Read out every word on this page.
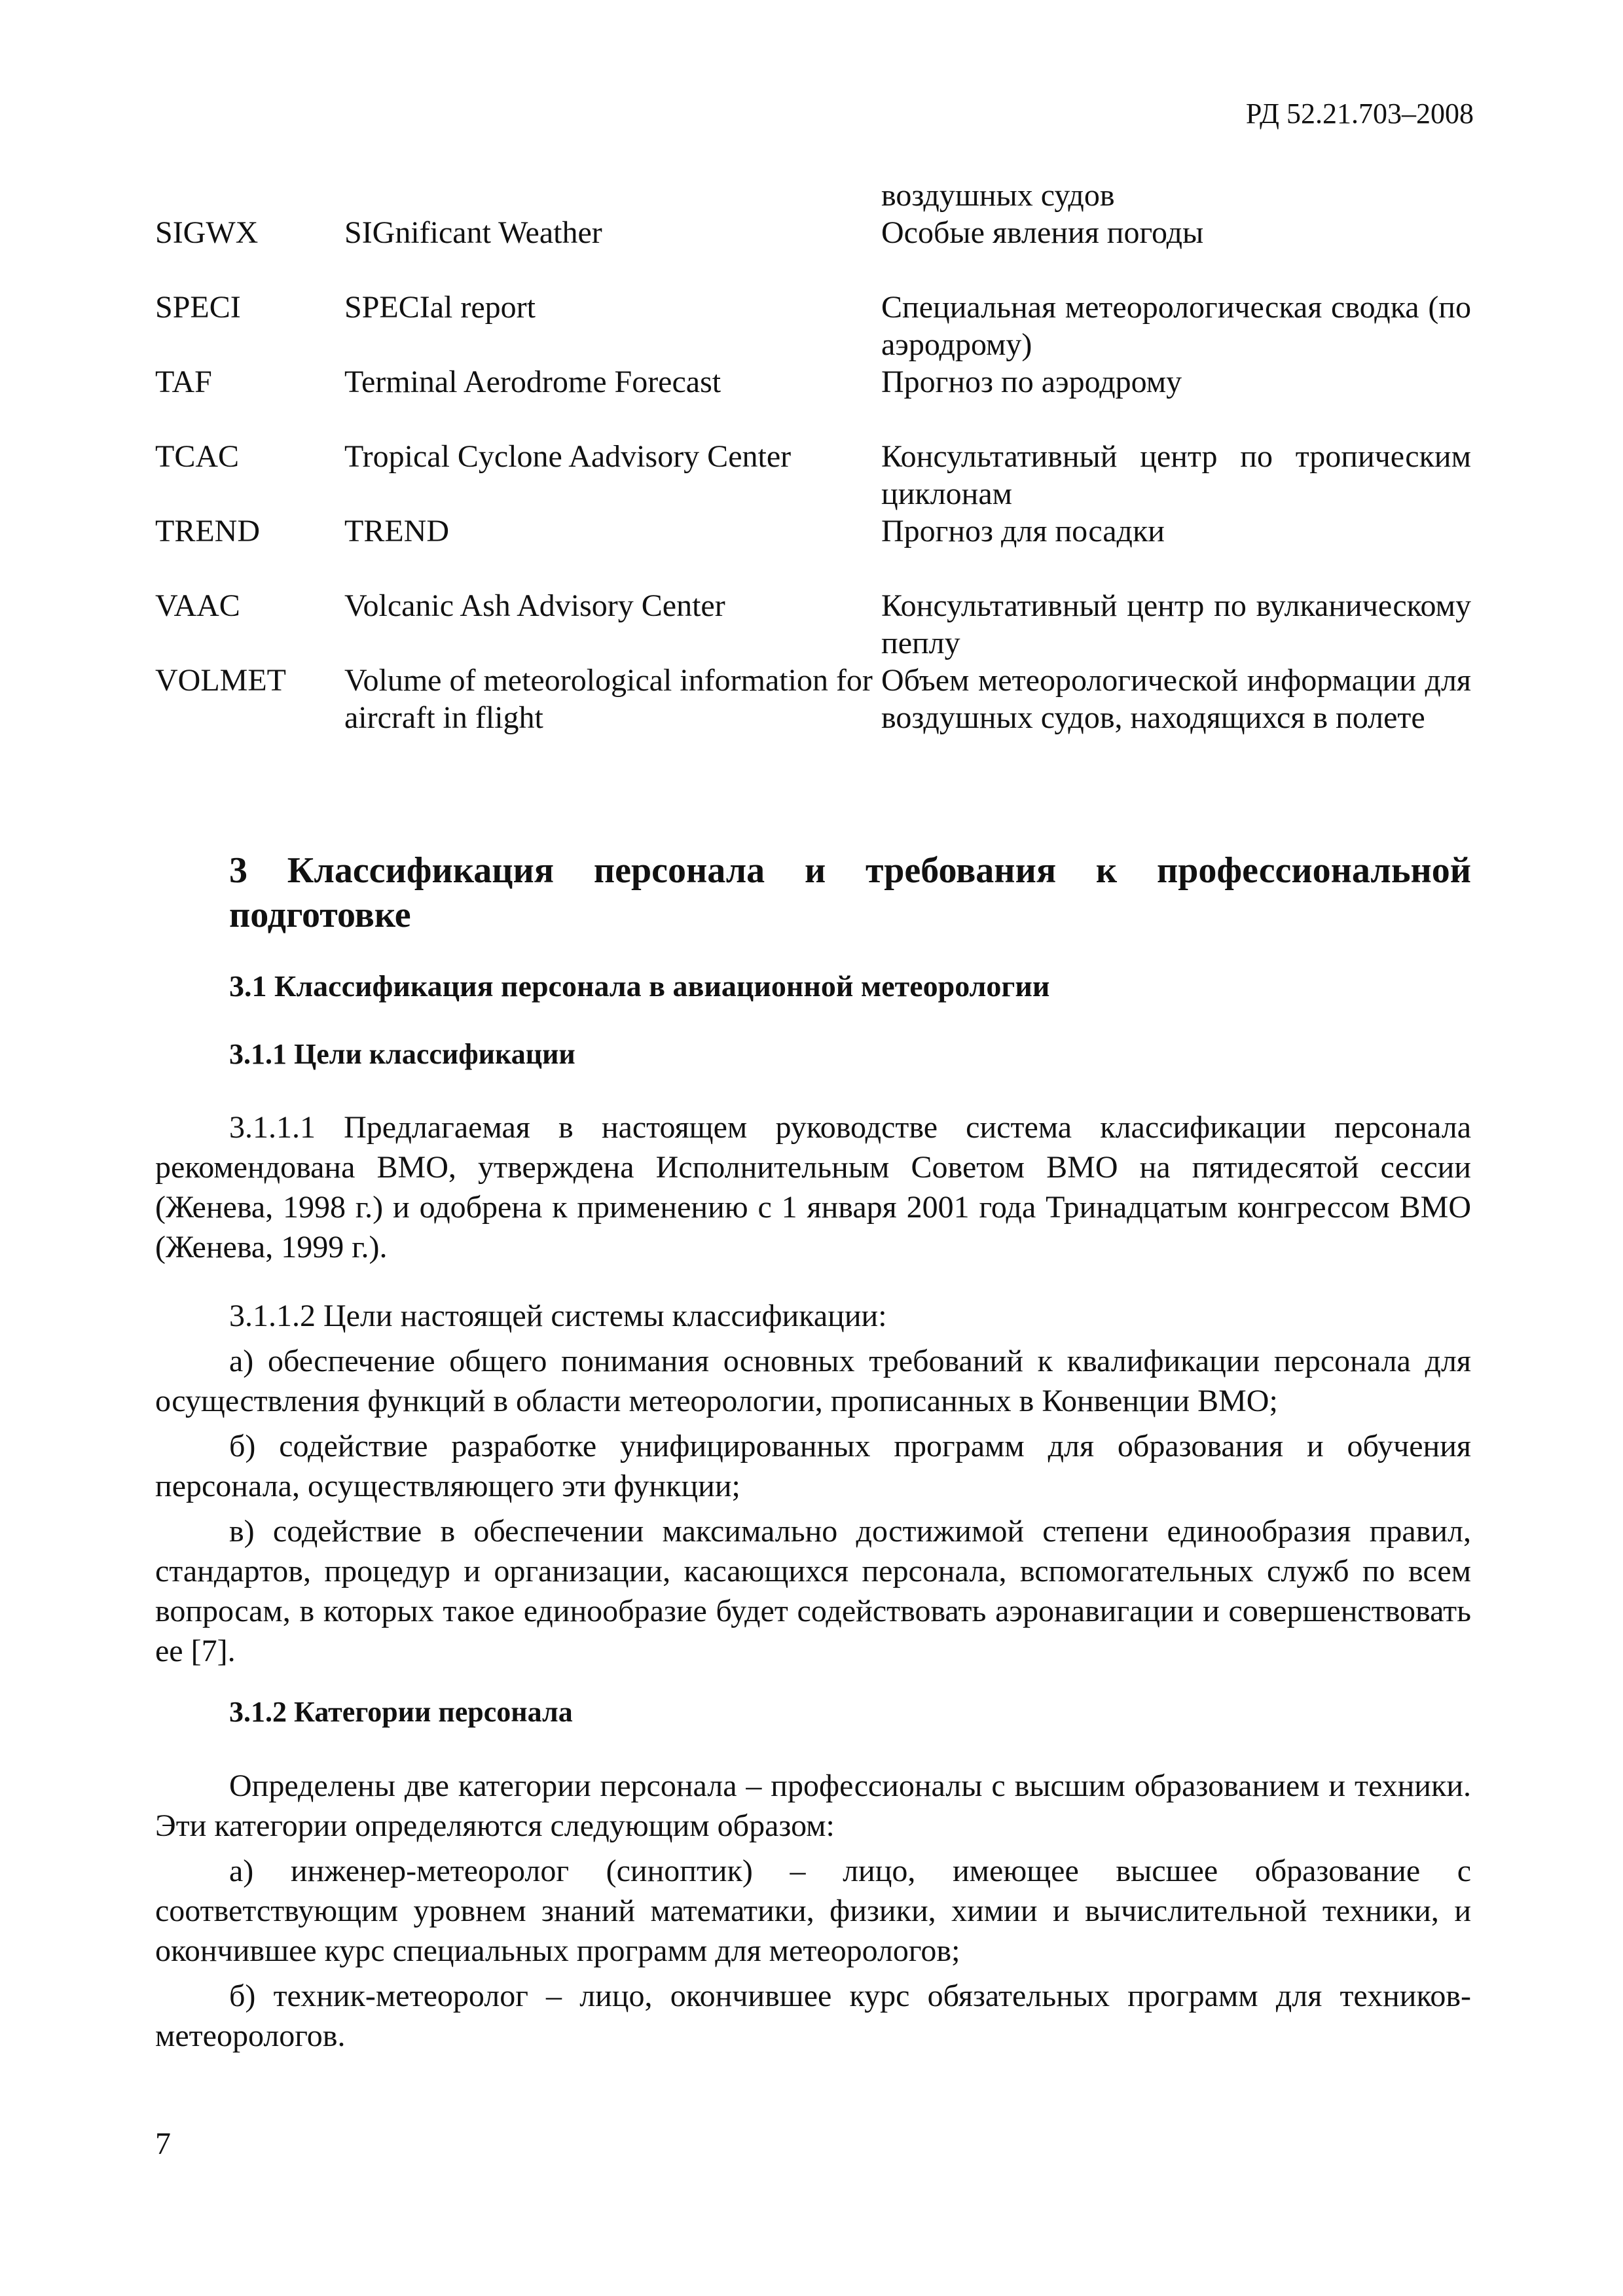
РД 52.21.703–2008
		воздушных судов
SIGWX	SIGnificant Weather	Особые явления погоды
SPECI	SPECIal report	Специальная метеорологическая сводка (по аэродрому)
TAF	Terminal Aerodrome Forecast	Прогноз по аэродрому
TCAC	Tropical Cyclone Aadvisory Center	Консультативный центр по тропическим циклонам
TREND	TREND	Прогноз для посадки
VAAC	Volcanic Ash Advisory Center	Консультативный центр по вулканическому пеплу
VOLMET	Volume of meteorological information for aircraft in flight	Объем метеорологической информации для воздушных судов, находящихся в полете
3 Классификация персонала и требования к профессиональной подготовке
3.1 Классификация персонала в авиационной метеорологии
3.1.1 Цели классификации

3.1.1.1 Предлагаемая в настоящем руководстве система классификации персонала рекомендована ВМО, утверждена Исполнительным Советом ВМО на пятидесятой сессии (Женева, 1998 г.) и одобрена к применению с 1 января 2001 года Тринадцатым конгрессом ВМО (Женева, 1999 г.).

3.1.1.2 Цели настоящей системы классификации:

а) обеспечение общего понимания основных требований к квалификации персонала для осуществления функций в области метеорологии, прописанных в Конвенции ВМО;

б) содействие разработке унифицированных программ для образования и обучения персонала, осуществляющего эти функции;

в) содействие в обеспечении максимально достижимой степени единообразия правил, стандартов, процедур и организации, касающихся персонала, вспомогательных служб по всем вопросам, в которых такое единообразие будет содействовать аэронавигации и совершенствовать ее [7].

3.1.2 Категории персонала

Определены две категории персонала – профессионалы с высшим образованием и техники. Эти категории определяются следующим образом:

а) инженер-метеоролог (синоптик) – лицо, имеющее высшее образование с соответствующим уровнем знаний математики, физики, химии и вычислительной техники, и окончившее курс специальных программ для метеорологов;

б) техник-метеоролог – лицо, окончившее курс обязательных программ для техников-метеорологов.

7
